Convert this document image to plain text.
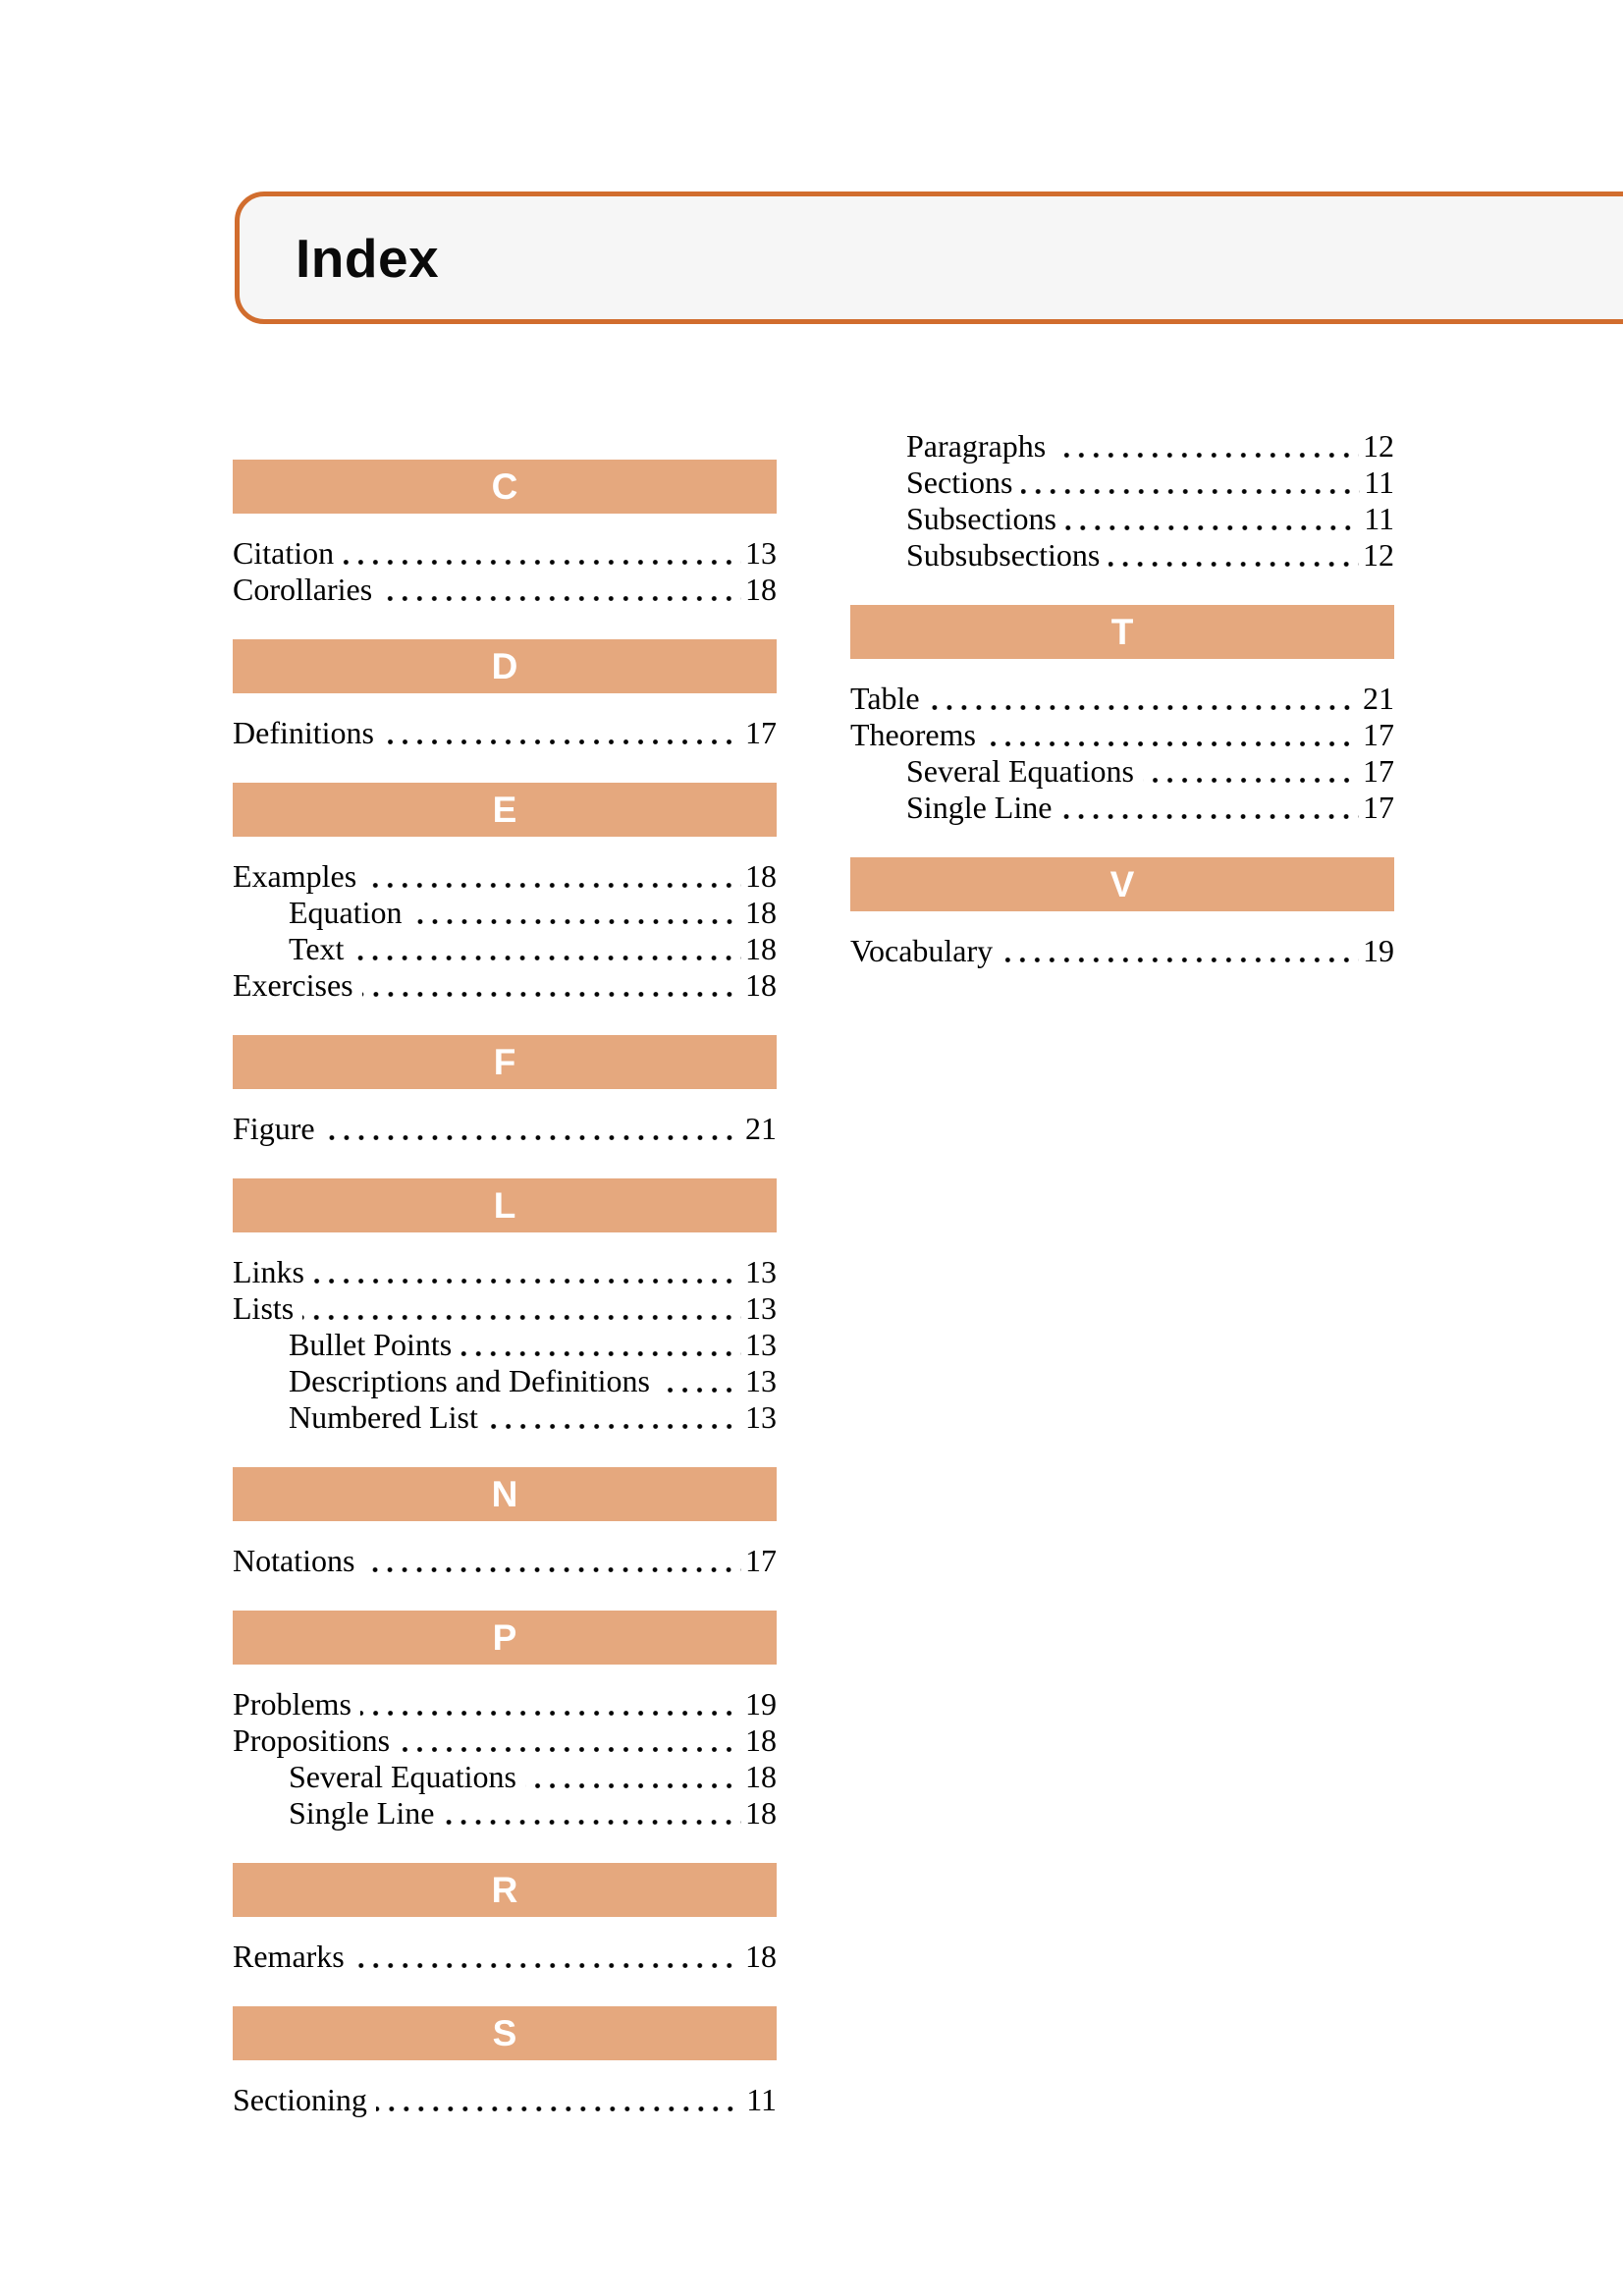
Index
C
Citation	13
Corollaries	18
D
Definitions	17
E
Examples	18
Equation	18
Text	18
Exercises	18
F
Figure	21
L
Links	13
Lists	13
Bullet Points	13
Descriptions and Definitions	13
Numbered List	13
N
Notations	17
P
Problems	19
Propositions	18
Several Equations	18
Single Line	18
R
Remarks	18
S
Sectioning	11
Paragraphs	12
Sections	11
Subsections	11
Subsubsections	12
T
Table	21
Theorems	17
Several Equations	17
Single Line	17
V
Vocabulary	19
